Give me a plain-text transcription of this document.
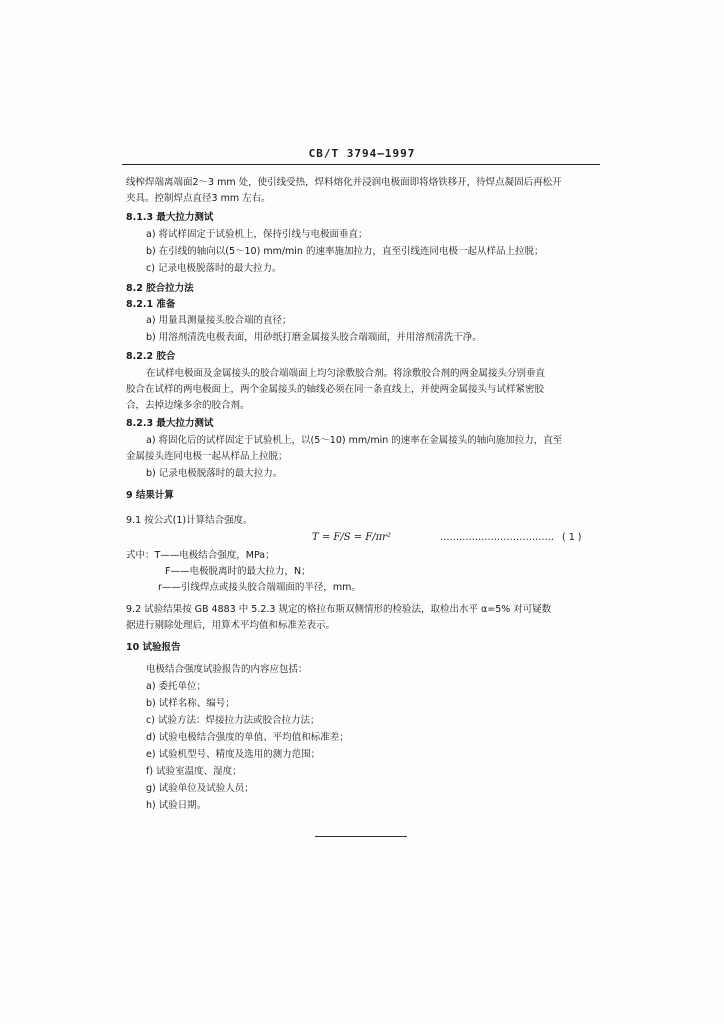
CB/T 3794—1997
线榨焊端离端面2～3 mm 处，使引线受热，焊料熔化并浸润电极面即将烙铁移开，待焊点凝固后再松开
夹具。控制焊点直径3 mm 左右。
8.1.3 最大拉力测试
a) 将试样固定于试验机上，保持引线与电极面垂直；
b) 在引线的轴向以(5～10) mm/min 的速率施加拉力，直至引线连同电极一起从样品上拉脱；
c) 记录电极脱落时的最大拉力。
8.2 胶合拉力法
8.2.1 准备
a) 用量具测量接头胶合端的直径；
b) 用溶剂清洗电极表面，用砂纸打磨金属接头胶合端端面，并用溶剂清洗干净。
8.2.2 胶合
在试样电极面及金属接头的胶合端端面上均匀涂敷胶合剂。将涂敷胶合剂的两金属接头分别垂直
胶合在试样的两电极面上，两个金属接头的轴线必须在同一条直线上，并使两金属接头与试样紧密胶
合，去掉边缘多余的胶合剂。
8.2.3 最大拉力测试
a) 将固化后的试样固定于试验机上，以(5～10) mm/min 的速率在金属接头的轴向施加拉力，直至
金属接头连同电极一起从样品上拉脱；
b) 记录电极脱落时的最大拉力。
9 结果计算
9.1 按公式(1)计算结合强度。
式中：T——电极结合强度，MPa；
F——电极脱离时的最大拉力，N；
r——引线焊点或接头胶合端端面的半径，mm。
9.2 试验结果按 GB 4883 中 5.2.3 规定的格拉布斯双侧情形的检验法，取检出水平 α=5% 对可疑数
据进行剔除处理后，用算术平均值和标准差表示。
10 试验报告
电极结合强度试验报告的内容应包括：
a) 委托单位；
b) 试样名称、编号；
c) 试验方法：焊接拉力法或胶合拉力法；
d) 试验电极结合强度的单值、平均值和标准差；
e) 试验机型号、精度及选用的测力范围；
f) 试验室温度、湿度；
g) 试验单位及试验人员；
h) 试验日期。
T = F/S = F/πr²	……………………………… ( 1 )
